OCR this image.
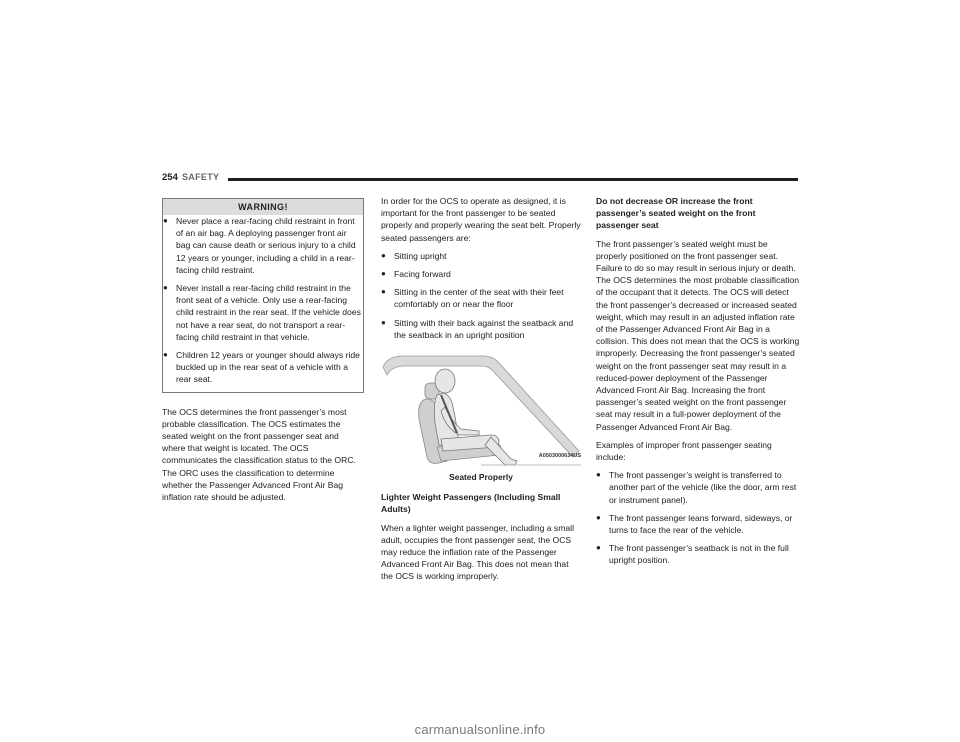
254 SAFETY
WARNING!
● Never place a rear-facing child restraint in front of an air bag. A deploying passenger front air bag can cause death or serious injury to a child 12 years or younger, including a child in a rear-facing child restraint.
● Never install a rear-facing child restraint in the front seat of a vehicle. Only use a rear-facing child restraint in the rear seat. If the vehicle does not have a rear seat, do not transport a rear-facing child restraint in that vehicle.
● Children 12 years or younger should always ride buckled up in the rear seat of a vehicle with a rear seat.

The OCS determines the front passenger’s most probable classification. The OCS estimates the seated weight on the front passenger seat and where that weight is located. The OCS communicates the classification status to the ORC. The ORC uses the classification to determine whether the Passenger Advanced Front Air Bag inflation rate should be adjusted.

In order for the OCS to operate as designed, it is important for the front passenger to be seated properly and properly wearing the seat belt. Properly seated passengers are:

● Sitting upright
● Facing forward
● Sitting in the center of the seat with their feet comfortably on or near the floor
● Sitting with their back against the seatback and the seatback in an upright position
A0503000634US
Seated Properly
Lighter Weight Passengers (Including Small Adults)

When a lighter weight passenger, including a small adult, occupies the front passenger seat, the OCS may reduce the inflation rate of the Passenger Advanced Front Air Bag. This does not mean that the OCS is working improperly.

Do not decrease OR increase the front passenger’s seated weight on the front passenger seat

The front passenger’s seated weight must be properly positioned on the front passenger seat. Failure to do so may result in serious injury or death. The OCS determines the most probable classification of the occupant that it detects. The OCS will detect the front passenger’s decreased or increased seated weight, which may result in an adjusted inflation rate of the Passenger Advanced Front Air Bag in a collision. This does not mean that the OCS is working improperly. Decreasing the front passenger’s seated weight on the front passenger seat may result in a reduced-power deployment of the Passenger Advanced Front Air Bag. Increasing the front passenger’s seated weight on the front passenger seat may result in a full-power deployment of the Passenger Advanced Front Air Bag.

Examples of improper front passenger seating include:

● The front passenger’s weight is transferred to another part of the vehicle (like the door, arm rest or instrument panel).
● The front passenger leans forward, sideways, or turns to face the rear of the vehicle.
● The front passenger’s seatback is not in the full upright position.
carmanualsonline.info
